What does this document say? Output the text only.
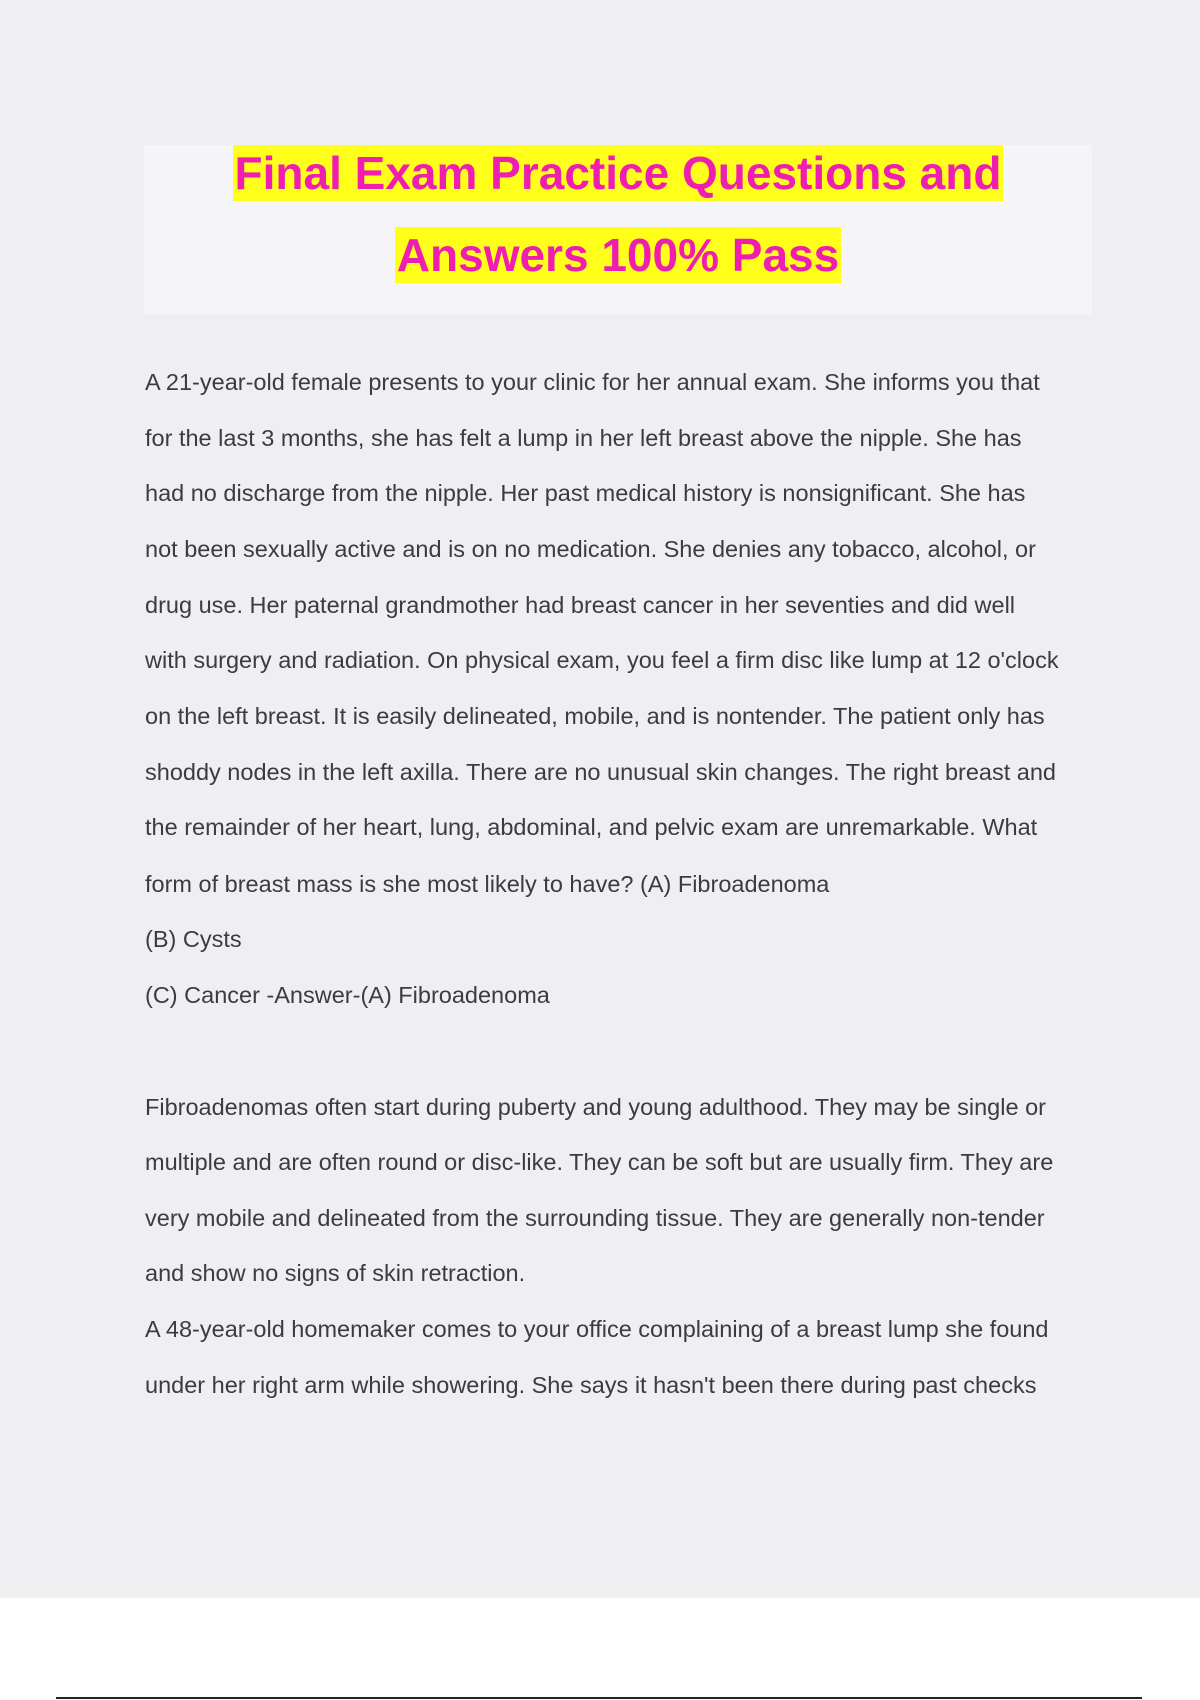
Final Exam Practice Questions and
Answers 100% Pass
A 21-year-old female presents to your clinic for her annual exam. She informs you that
for the last 3 months, she has felt a lump in her left breast above the nipple. She has
had no discharge from the nipple. Her past medical history is nonsignificant. She has
not been sexually active and is on no medication. She denies any tobacco, alcohol, or
drug use. Her paternal grandmother had breast cancer in her seventies and did well
with surgery and radiation. On physical exam, you feel a firm disc like lump at 12 o'clock
on the left breast. It is easily delineated, mobile, and is nontender. The patient only has
shoddy nodes in the left axilla. There are no unusual skin changes. The right breast and
the remainder of her heart, lung, abdominal, and pelvic exam are unremarkable. What
form of breast mass is she most likely to have? (A) Fibroadenoma
(B) Cysts
(C) Cancer -Answer-(A) Fibroadenoma
Fibroadenomas often start during puberty and young adulthood. They may be single or
multiple and are often round or disc-like. They can be soft but are usually firm. They are
very mobile and delineated from the surrounding tissue. They are generally non-tender
and show no signs of skin retraction.
A 48-year-old homemaker comes to your office complaining of a breast lump she found
under her right arm while showering. She says it hasn't been there during past checks
